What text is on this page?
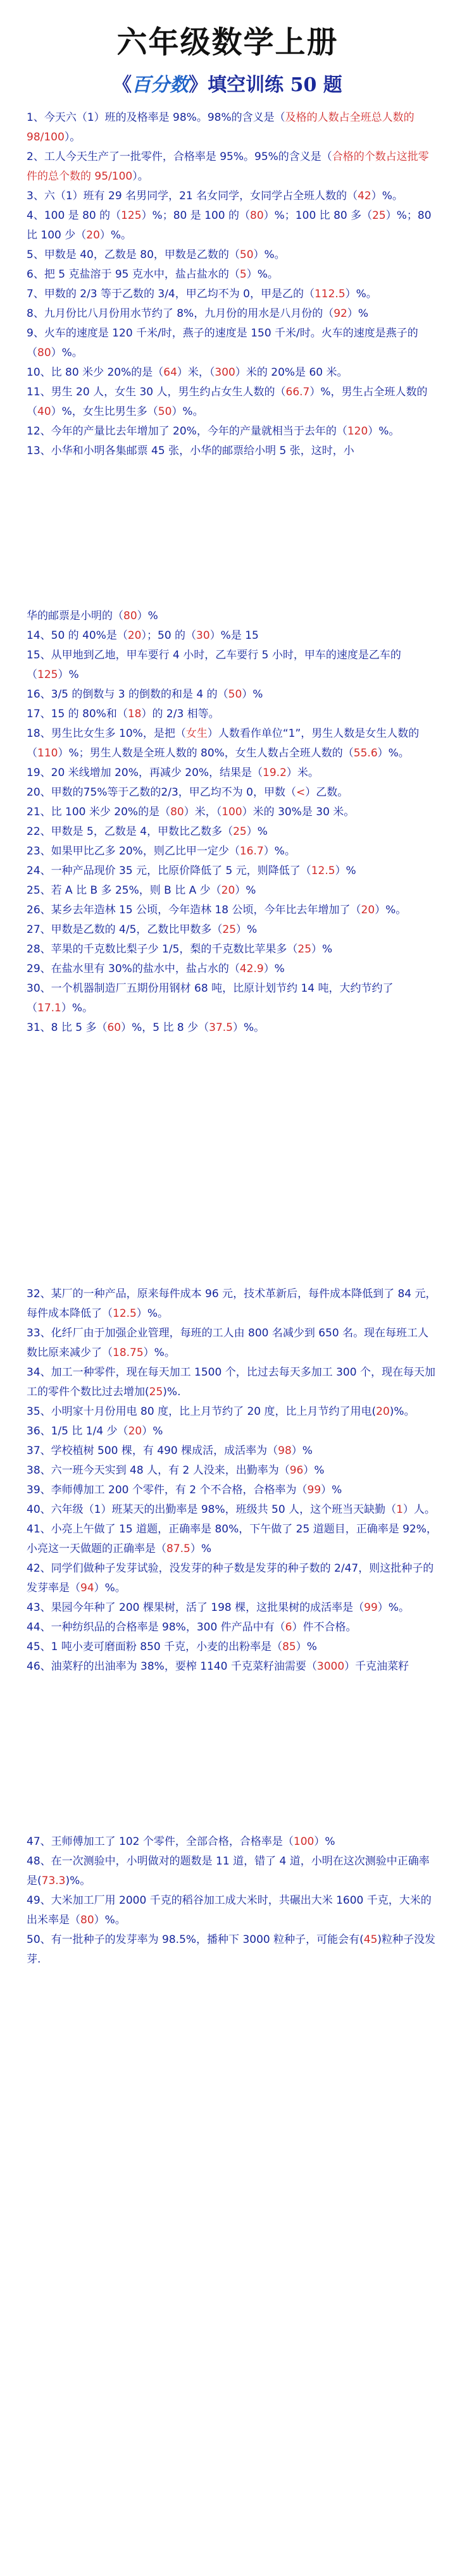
六年级数学上册
《百分数》填空训练 50 题

1、今天六（1）班的及格率是 98%。98%的含义是（及格的人数占全班总人数的 98/100）。

2、工人今天生产了一批零件，合格率是 95%。95%的含义是（合格的个数占这批零件的总个数的 95/100）。

3、六（1）班有 29 名男同学，21 名女同学，女同学占全班人数的（42）%。

4、100 是 80 的（125）%；80 是 100 的（80）%；100 比 80 多（25）%；80 比 100 少（20）%。

5、甲数是 40，乙数是 80，甲数是乙数的（50）%。

6、把 5 克盐溶于 95 克水中，盐占盐水的（5）%。

7、甲数的 2/3 等于乙数的 3/4，甲乙均不为 0，甲是乙的（112.5）%。

8、九月份比八月份用水节约了 8%，九月份的用水是八月份的（92）%

9、火车的速度是 120 千米/时，燕子的速度是 150 千米/时。火车的速度是燕子的（80）%。

10、比 80 米少 20%的是（64）米，（300）米的 20%是 60 米。

11、男生 20 人，女生 30 人，男生约占女生人数的（66.7）%，男生占全班人数的（40）%，女生比男生多（50）%。

12、今年的产量比去年增加了 20%，今年的产量就相当于去年的（120）%。

13、小华和小明各集邮票 45 张，小华的邮票给小明 5 张，这时，小

华的邮票是小明的（80）%

14、50 的 40%是（20）；50 的（30）%是 15

15、从甲地到乙地，甲车要行 4 小时，乙车要行 5 小时，甲车的速度是乙车的（125）%

16、3/5 的倒数与 3 的倒数的和是 4 的（50）%

17、15 的 80%和（18）的 2/3 相等。

18、男生比女生多 10%，是把（女生）人数看作单位“1”，男生人数是女生人数的（110）%；男生人数是全班人数的 80%，女生人数占全班人数的（55.6）%。

19、20 米线增加 20%，再减少 20%，结果是（19.2）米。

20、甲数的75%等于乙数的2/3，甲乙均不为 0，甲数（<）乙数。

21、比 100 米少 20%的是（80）米，（100）米的 30%是 30 米。

22、甲数是 5，乙数是 4，甲数比乙数多（25）%

23、如果甲比乙多 20%，则乙比甲一定少（16.7）%。

24、一种产品现价 35 元，比原价降低了 5 元，则降低了（12.5）%

25、若 A 比 B 多 25%，则 B 比 A 少（20）%

26、某乡去年造林 15 公顷，今年造林 18 公顷，今年比去年增加了（20）%。

27、甲数是乙数的 4/5，乙数比甲数多（25）%

28、苹果的千克数比梨子少 1/5，梨的千克数比苹果多（25）%

29、在盐水里有 30%的盐水中，盐占水的（42.9）%

30、一个机器制造厂五期份用钢材 68 吨，比原计划节约 14 吨，大约节约了（17.1）%。

31、8 比 5 多（60）%，5 比 8 少（37.5）%。

32、某厂的一种产品，原来每件成本 96 元，技术革新后，每件成本降低到了 84 元，每件成本降低了（12.5）%。

33、化纤厂由于加强企业管理，每班的工人由 800 名减少到 650 名。现在每班工人数比原来减少了（18.75）%。

34、加工一种零件，现在每天加工 1500 个，比过去每天多加工 300 个，现在每天加工的零件个数比过去增加(25)%.

35、小明家十月份用电 80 度，比上月节约了 20 度，比上月节约了用电(20)%。

36、1/5 比 1/4 少（20）%

37、学校植树 500 棵，有 490 棵成活，成活率为（98）%

38、六一班今天实到 48 人，有 2 人没来，出勤率为（96）%

39、李师傅加工 200 个零件，有 2 个不合格，合格率为（99）%

40、六年级（1）班某天的出勤率是 98%，班级共 50 人，这个班当天缺勤（1）人。

41、小亮上午做了 15 道题，正确率是 80%，下午做了 25 道题目，正确率是 92%，小亮这一天做题的正确率是（87.5）%

42、同学们做种子发芽试验，没发芽的种子数是发芽的种子数的 2/47，则这批种子的发芽率是（94）%。

43、果园今年种了 200 棵果树，活了 198 棵，这批果树的成活率是（99）%。

44、一种纺织品的合格率是 98%，300 件产品中有（6）件不合格。

45、1 吨小麦可磨面粉 850 千克，小麦的出粉率是（85）%

46、油菜籽的出油率为 38%，要榨 1140 千克菜籽油需要（3000）千克油菜籽

47、王师傅加工了 102 个零件，全部合格，合格率是（100）%

48、在一次测验中，小明做对的题数是 11 道，错了 4 道，小明在这次测验中正确率是(73.3)%。

49、大米加工厂用 2000 千克的稻谷加工成大米时，共碾出大米 1600 千克，大米的出米率是（80）%。

50、有一批种子的发芽率为 98.5%，播种下 3000 粒种子，可能会有(45)粒种子没发芽.
